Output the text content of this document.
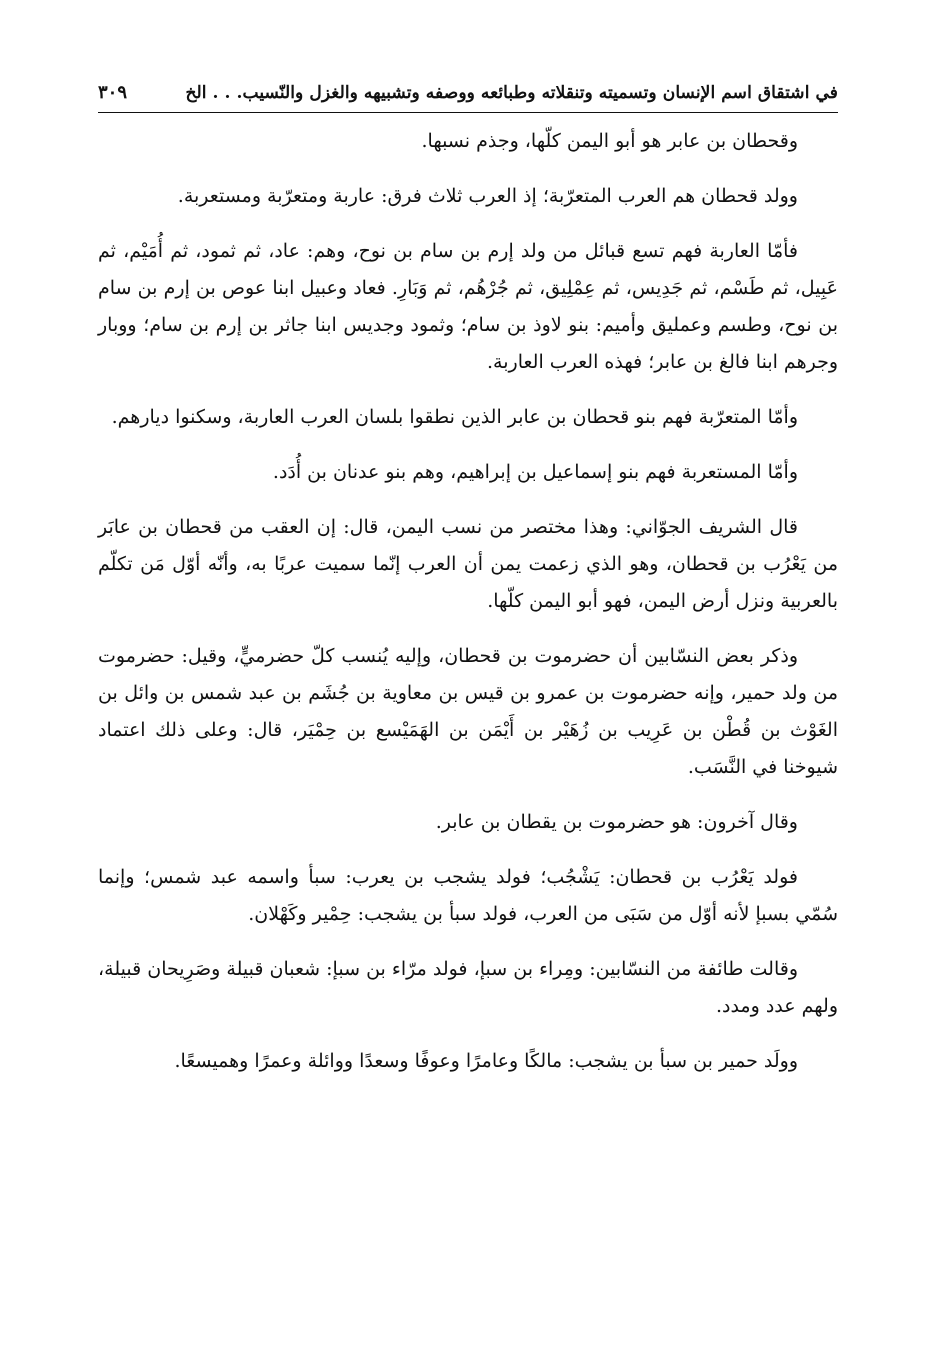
في اشتقاق اسم الإنسان وتسميته وتنقلاته وطبائعه ووصفه وتشبيهه والغزل والنّسيب. . . الخ
٣٠٩

وقحطان بن عابر هو أبو اليمن كلّها، وجذم نسبها.

وولد قحطان هم العرب المتعرّبة؛ إذ العرب ثلاث فرق: عاربة ومتعرّبة ومستعربة.

فأمّا العاربة فهم تسع قبائل من ولد إرم بن سام بن نوح، وهم: عاد، ثم ثمود، ثم أُمَيْم، ثم عَبِيل، ثم طَسْم، ثم جَدِيس، ثم عِمْلِيق، ثم جُرْهُم، ثم وَبَارِ. فعاد وعبيل ابنا عوص بن إرم بن سام بن نوح، وطسم وعمليق وأميم: بنو لاوذ بن سام؛ وثمود وجديس ابنا جاثر بن إرم بن سام؛ ووبار وجرهم ابنا فالغ بن عابر؛ فهذه العرب العاربة.

وأمّا المتعرّبة فهم بنو قحطان بن عابر الذين نطقوا بلسان العرب العاربة، وسكنوا ديارهم.

وأمّا المستعربة فهم بنو إسماعيل بن إبراهيم، وهم بنو عدنان بن أُدَد.

قال الشريف الجوّاني: وهذا مختصر من نسب اليمن، قال: إن العقب من قحطان بن عابَر من يَعْرُب بن قحطان، وهو الذي زعمت يمن أن العرب إنّما سميت عربًا به، وأنّه أوّل مَن تكلّم بالعربية ونزل أرض اليمن، فهو أبو اليمن كلّها.

وذكر بعض النسّابين أن حضرموت بن قحطان، وإليه يُنسب كلّ حضرميٍّ، وقيل: حضرموت من ولد حمير، وإنه حضرموت بن عمرو بن قيس بن معاوية بن جُشَم بن عبد شمس بن وائل بن الغَوْث بن قُطْن بن عَرِيب بن زُهَيْر بن أَيْمَن بن الهَمَيْسع بن حِمْيَر، قال: وعلى ذلك اعتماد شيوخنا في النَّسَب.

وقال آخرون: هو حضرموت بن يقطان بن عابر.

فولد يَعْرُب بن قحطان: يَشْجُب؛ فولد يشجب بن يعرب: سبأ واسمه عبد شمس؛ وإنما سُمّي بسبإ لأنه أوّل من سَبَى من العرب، فولد سبأ بن يشجب: حِمْير وكَهْلان.

وقالت طائفة من النسّابين: ومِراء بن سبإ، فولد مرّاء بن سبإ: شعبان قبيلة وصَرِيحان قبيلة، ولهم عدد ومدد.

وولَد حمير بن سبأ بن يشجب: مالكًا وعامرًا وعوفًا وسعدًا ووائلة وعمرًا وهميسعًا.
